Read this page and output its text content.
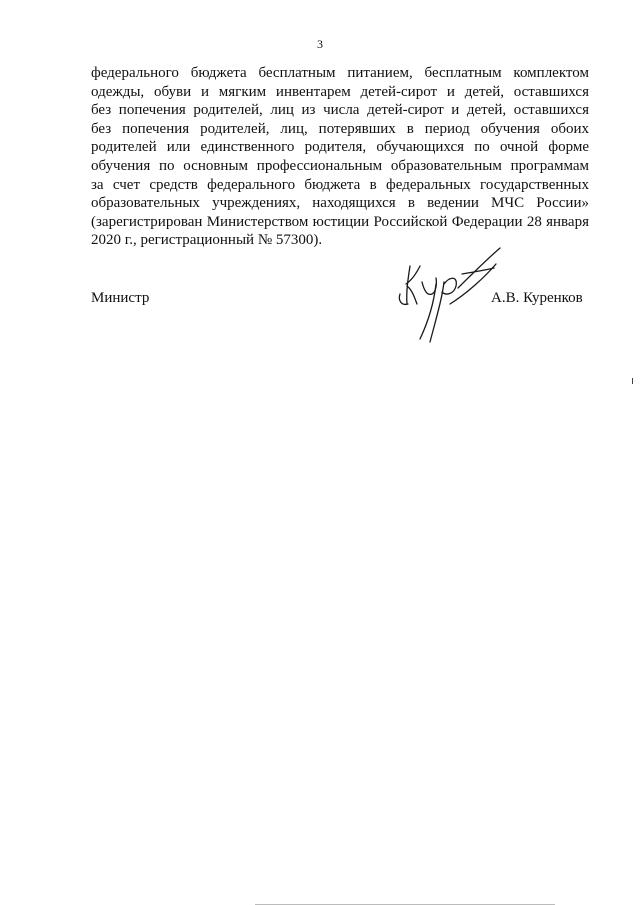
3
федерального бюджета бесплатным питанием, бесплатным комплектом
одежды, обуви и мягким инвентарем детей-сирот и детей, оставшихся
без попечения родителей, лиц из числа детей-сирот и детей, оставшихся
без попечения родителей, лиц, потерявших в период обучения обоих
родителей или единственного родителя, обучающихся по очной форме
обучения по основным профессиональным образовательным программам
за счет средств федерального бюджета в федеральных государственных
образовательных учреждениях, находящихся в ведении МЧС России»
(зарегистрирован Министерством юстиции Российской Федерации 28 января
2020 г., регистрационный № 57300).
Министр	А.В. Куренков
